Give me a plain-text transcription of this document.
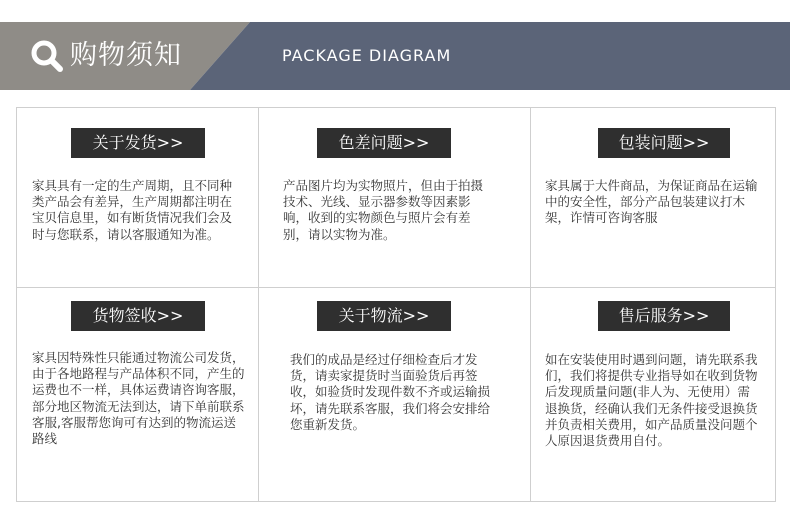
购物须知	PACKAGE DIAGRAM
关于发货>>
家具具有一定的生产周期，且不同种类产品会有差异，生产周期都注明在宝贝信息里，如有断货情况我们会及时与您联系，请以客服通知为准。
色差问题>>
产品图片均为实物照片，但由于拍摄技术、光线、显示器参数等因素影响，收到的实物颜色与照片会有差别，请以实物为准。
包装问题>>
家具属于大件商品，为保证商品在运输中的安全性，部分产品包装建议打木架，诈情可咨询客服
货物签收>>
家具因特殊性只能通过物流公司发货，由于各地路程与产品体积不同，产生的运费也不一样，具体运费请咨询客服，部分地区物流无法到达，请下单前联系客服,客服帮您询可有达到的物流运送路线
关于物流>>
我们的成品是经过仔细检查后才发货，请卖家提货时当面验货后再签收，如验货时发现件数不齐或运输损坏，请先联系客服，我们将会安排给您重新发货。
售后服务>>
如在安装使用时遇到问题，请先联系我们，我们将提供专业指导如在收到货物后发现质量问题(非人为、无使用）需退换货，经确认我们无条件接受退换货并负责相关费用，如产品质量没问题个人原因退货费用自付。
